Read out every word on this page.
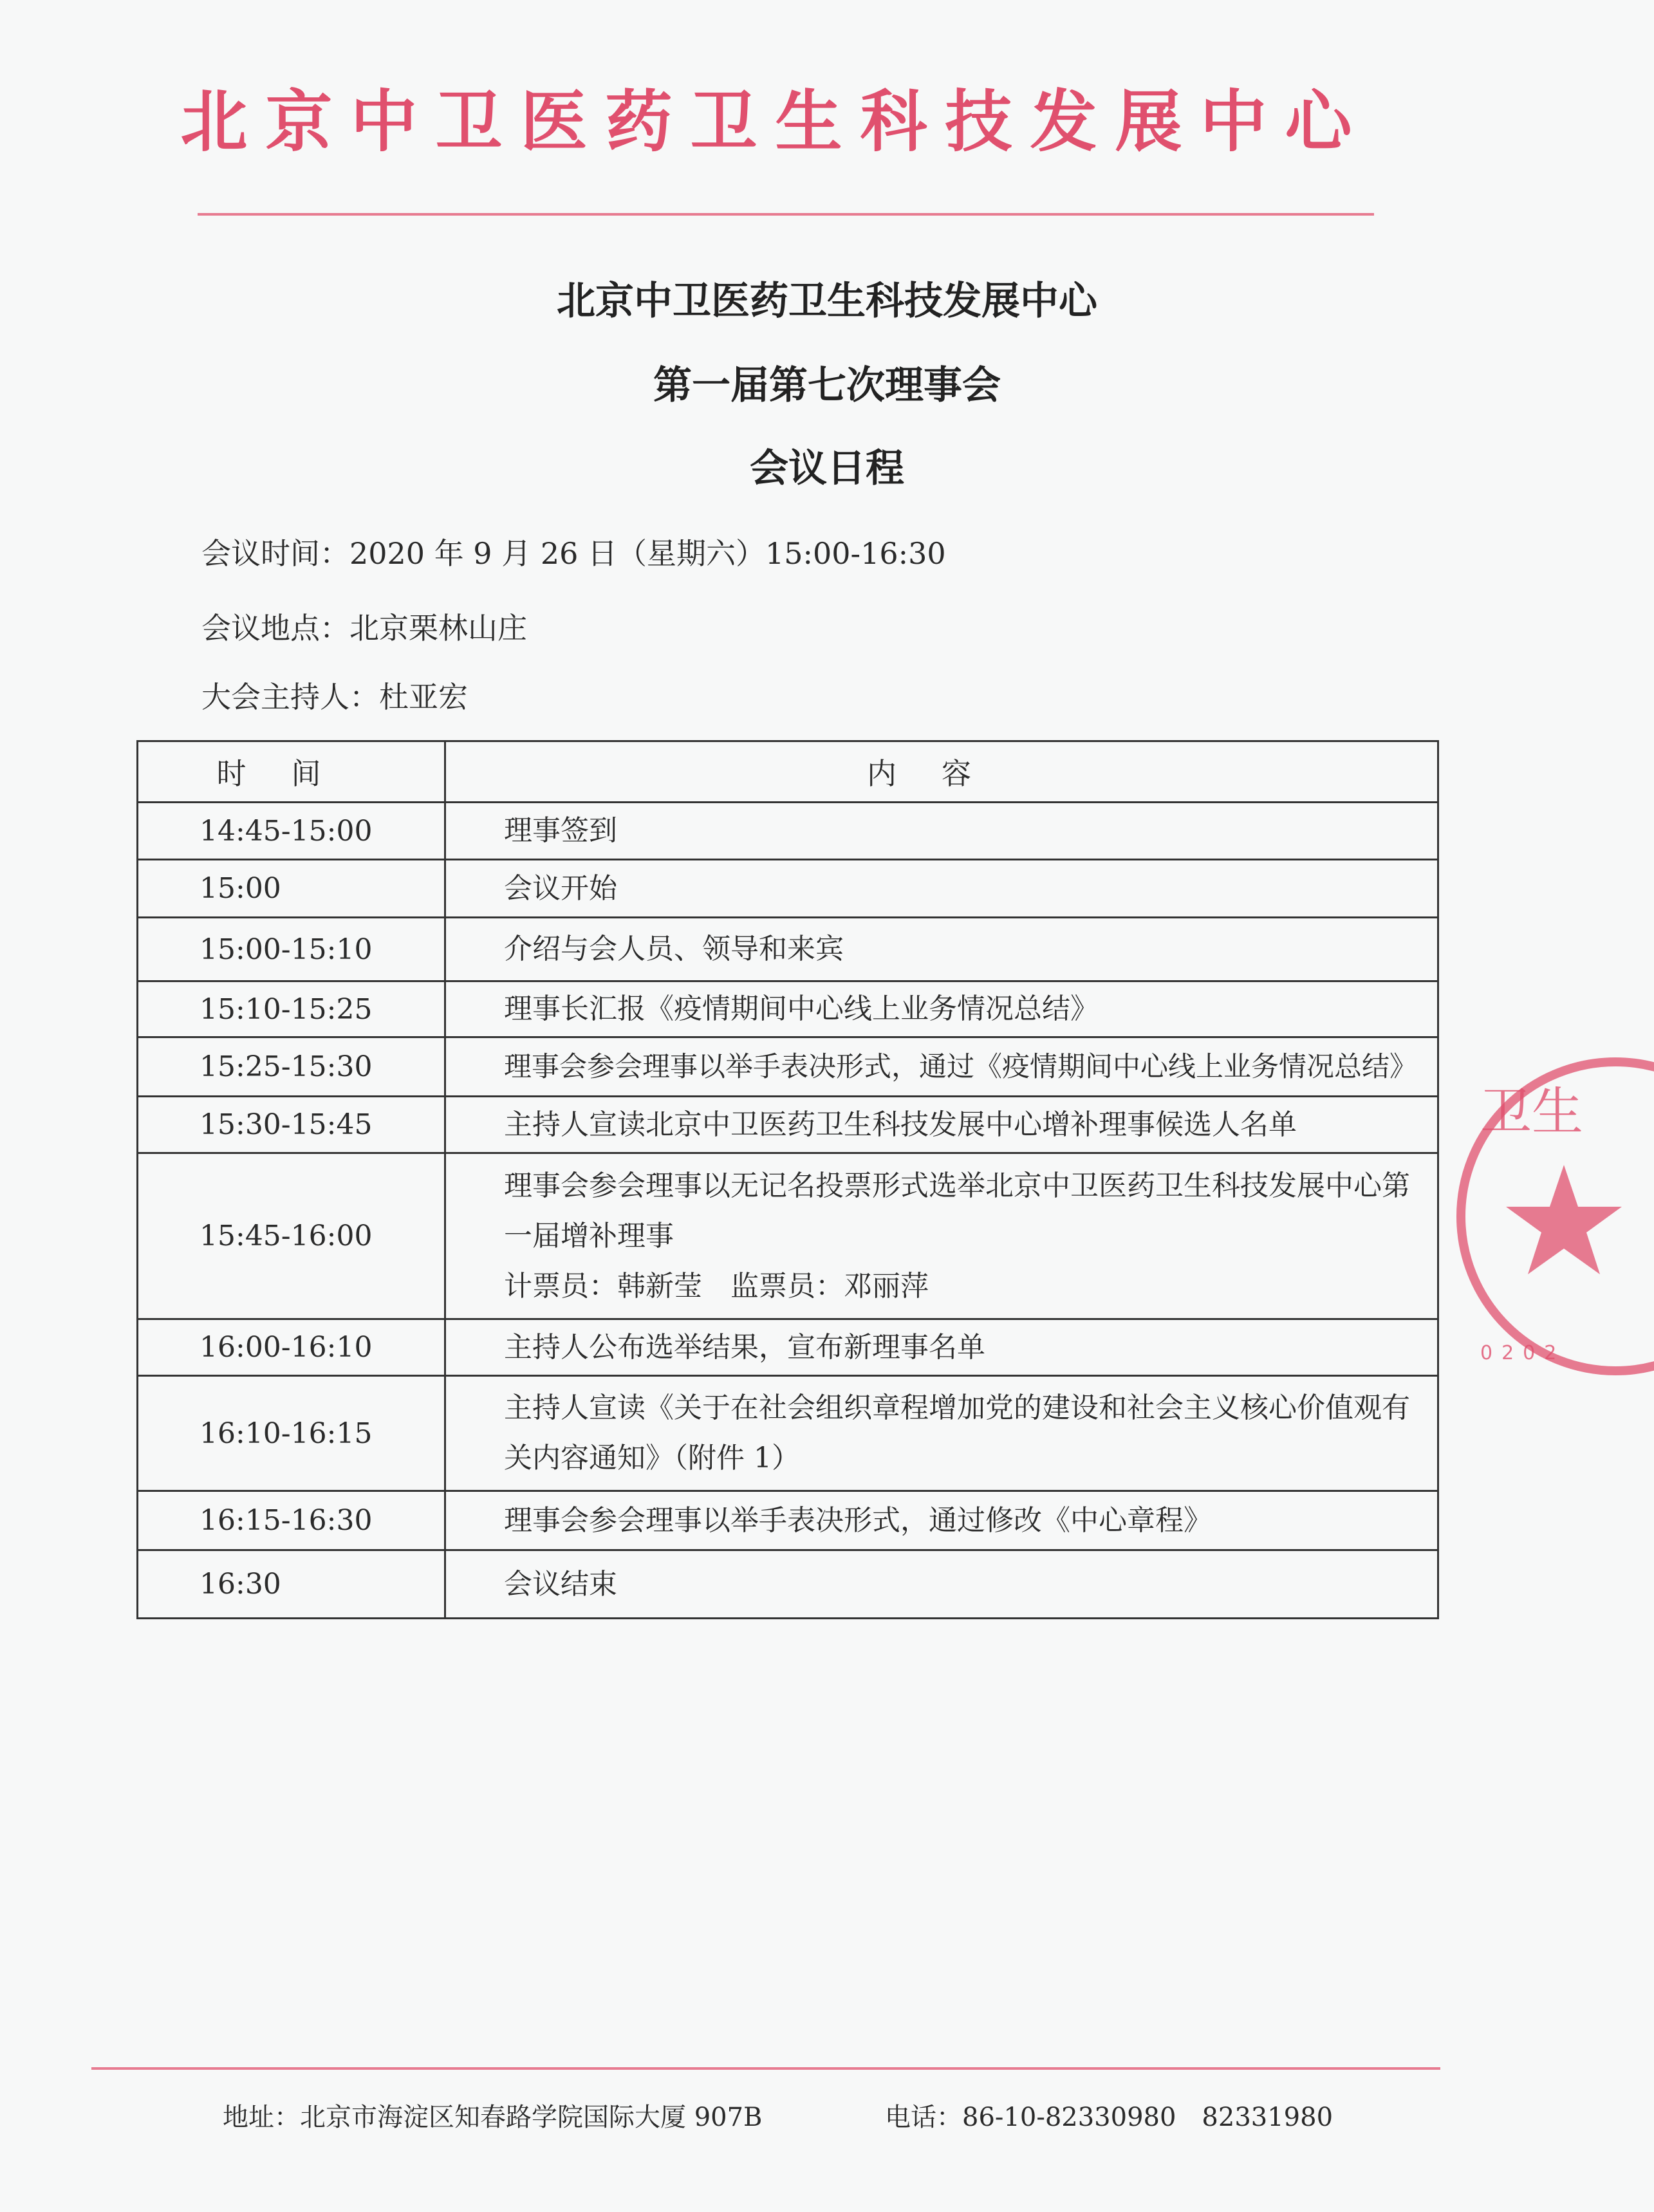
北京中卫医药卫生科技发展中心
北京中卫医药卫生科技发展中心
第一届第七次理事会
会议日程
会议时间：2020 年 9 月 26 日（星期六）15:00-16:30
会议地点：北京栗林山庄
大会主持人：杜亚宏
时间	内容
14:45-15:00	理事签到
15:00	会议开始
15:00-15:10	介绍与会人员、领导和来宾
15:10-15:25	理事长汇报《疫情期间中心线上业务情况总结》
15:25-15:30	理事会参会理事以举手表决形式，通过《疫情期间中心线上业务情况总结》
15:30-15:45	主持人宣读北京中卫医药卫生科技发展中心增补理事候选人名单
15:45-16:00	理事会参会理事以无记名投票形式选举北京中卫医药卫生科技发展中心第一届增补理事
计票员：韩新莹　监票员：邓丽萍

16:00-16:10	主持人公布选举结果，宣布新理事名单
16:10-16:15	主持人宣读《关于在社会组织章程增加党的建设和社会主义核心价值观有关内容通知》（附件 1）

16:15-16:30	理事会参会理事以举手表决形式，通过修改《中心章程》
16:30	会议结束
卫生
0202
地址：北京市海淀区知春路学院国际大厦 907B	电话：86-10-82330980　82331980
